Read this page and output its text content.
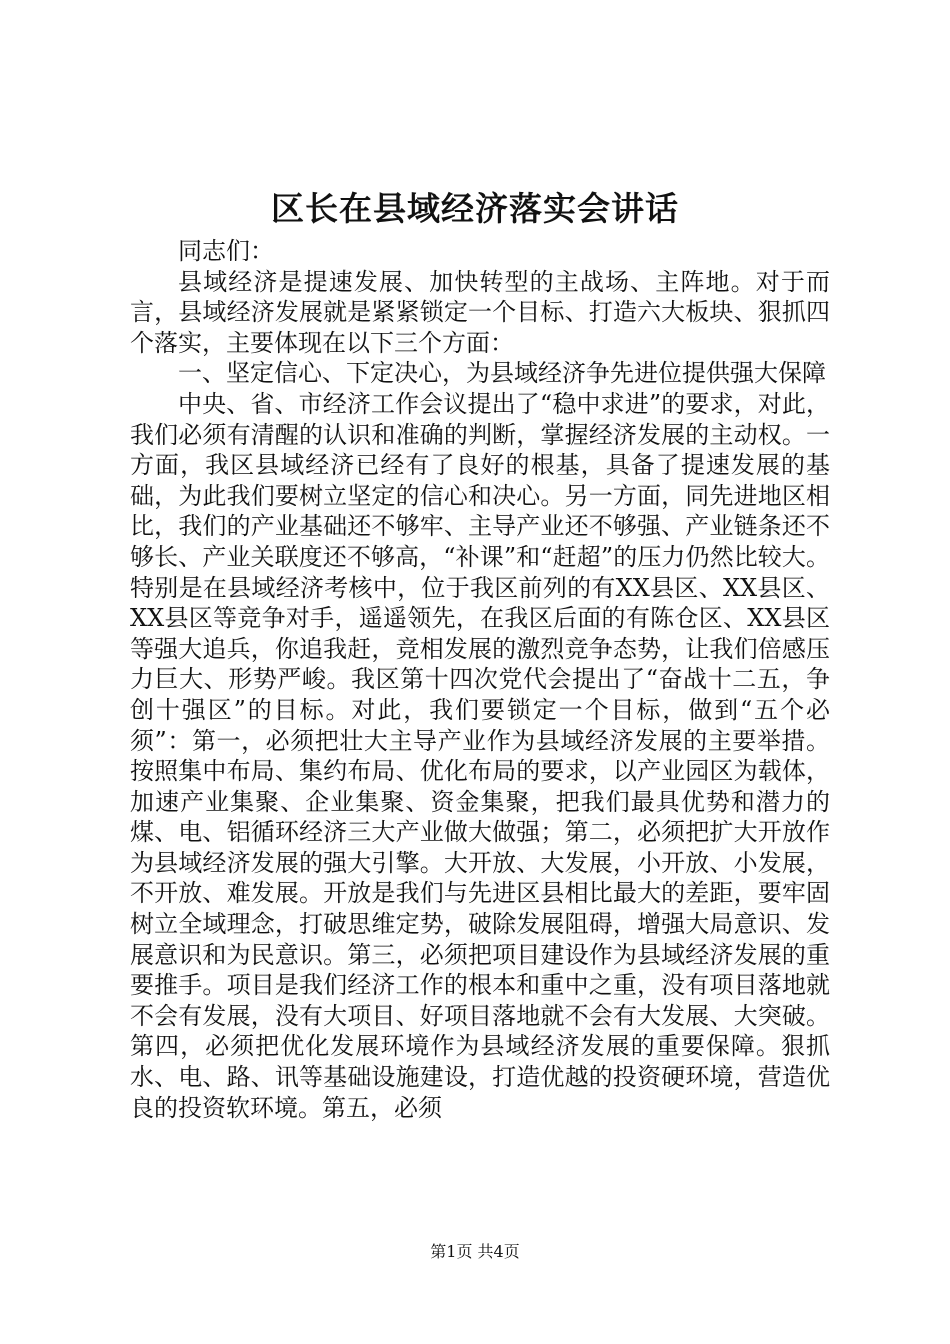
区长在县域经济落实会讲话

同志们：

县域经济是提速发展、加快转型的主战场、主阵地。对于而言，县域经济发展就是紧紧锁定一个目标、打造六大板块、狠抓四个落实，主要体现在以下三个方面：

一、坚定信心、下定决心，为县域经济争先进位提供强大保障

中央、省、市经济工作会议提出了“稳中求进”的要求，对此，我们必须有清醒的认识和准确的判断，掌握经济发展的主动权。一方面，我区县域经济已经有了良好的根基，具备了提速发展的基础，为此我们要树立坚定的信心和决心。另一方面，同先进地区相比，我们的产业基础还不够牢、主导产业还不够强、产业链条还不够长、产业关联度还不够高，“补课”和“赶超”的压力仍然比较大。特别是在县域经济考核中，位于我区前列的有XX县区、XX县区、XX县区等竞争对手，遥遥领先，在我区后面的有陈仓区、XX县区等强大追兵，你追我赶，竞相发展的激烈竞争态势，让我们倍感压力巨大、形势严峻。我区第十四次党代会提出了“奋战十二五，争创十强区”的目标。对此，我们要锁定一个目标，做到“五个必须”：第一，必须把壮大主导产业作为县域经济发展的主要举措。按照集中布局、集约布局、优化布局的要求，以产业园区为载体，加速产业集聚、企业集聚、资金集聚，把我们最具优势和潜力的煤、电、铝循环经济三大产业做大做强；第二，必须把扩大开放作为县域经济发展的强大引擎。大开放、大发展，小开放、小发展，不开放、难发展。开放是我们与先进区县相比最大的差距，要牢固树立全域理念，打破思维定势，破除发展阻碍，增强大局意识、发展意识和为民意识。第三，必须把项目建设作为县域经济发展的重要推手。项目是我们经济工作的根本和重中之重，没有项目落地就不会有发展，没有大项目、好项目落地就不会有大发展、大突破。第四，必须把优化发展环境作为县域经济发展的重要保障。狠抓水、电、路、讯等基础设施建设，打造优越的投资硬环境，营造优良的投资软环境。第五，必须

第1页 共4页
